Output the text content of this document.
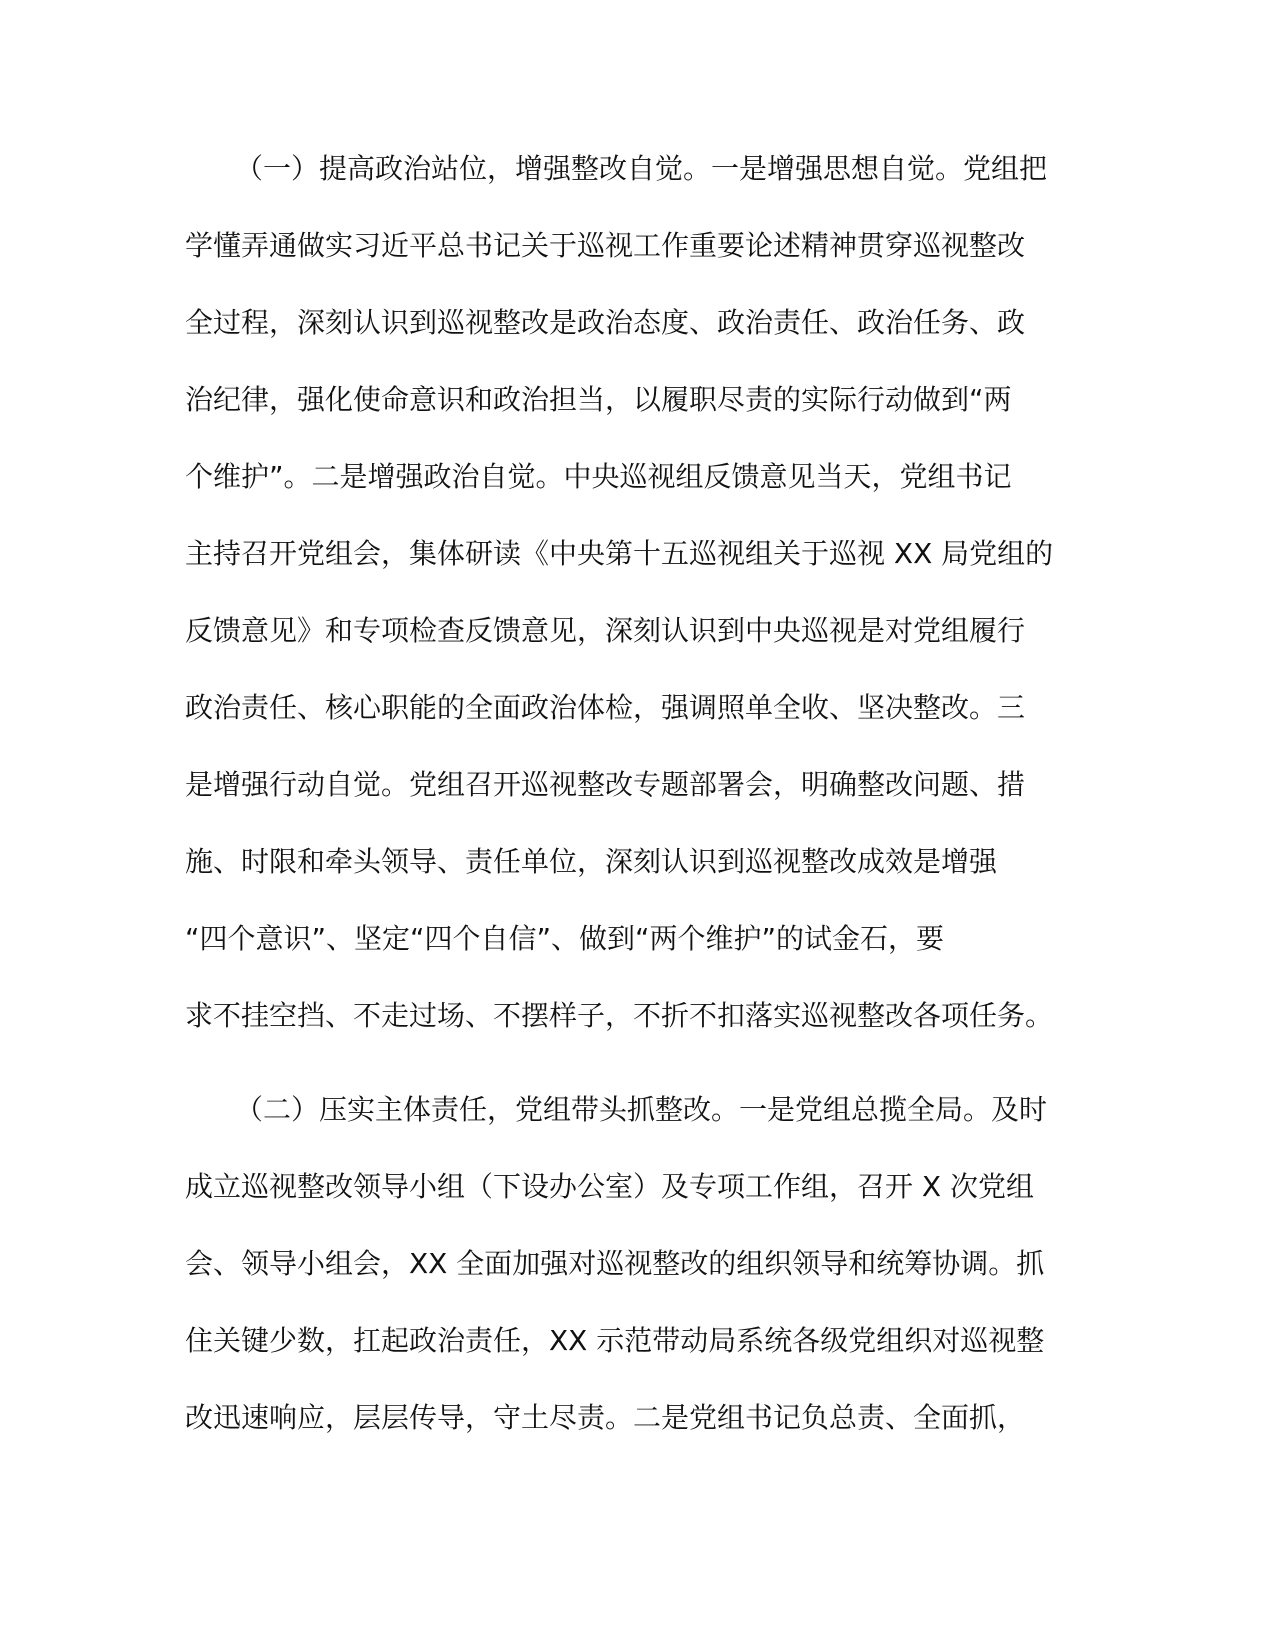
（一）提高政治站位，增强整改自觉。一是增强思想自觉。党组把
学懂弄通做实习近平总书记关于巡视工作重要论述精神贯穿巡视整改
全过程，深刻认识到巡视整改是政治态度、政治责任、政治任务、政
治纪律，强化使命意识和政治担当，以履职尽责的实际行动做到“两
个维护”。二是增强政治自觉。中央巡视组反馈意见当天，党组书记
主持召开党组会，集体研读《中央第十五巡视组关于巡视 XX 局党组的
反馈意见》和专项检查反馈意见，深刻认识到中央巡视是对党组履行
政治责任、核心职能的全面政治体检，强调照单全收、坚决整改。三
是增强行动自觉。党组召开巡视整改专题部署会，明确整改问题、措
施、时限和牵头领导、责任单位，深刻认识到巡视整改成效是增强
“四个意识”、坚定“四个自信”、做到“两个维护”的试金石，要
求不挂空挡、不走过场、不摆样子，不折不扣落实巡视整改各项任务。
（二）压实主体责任，党组带头抓整改。一是党组总揽全局。及时
成立巡视整改领导小组（下设办公室）及专项工作组，召开 X 次党组
会、领导小组会，XX 全面加强对巡视整改的组织领导和统筹协调。抓
住关键少数，扛起政治责任，XX 示范带动局系统各级党组织对巡视整
改迅速响应，层层传导，守土尽责。二是党组书记负总责、全面抓，
